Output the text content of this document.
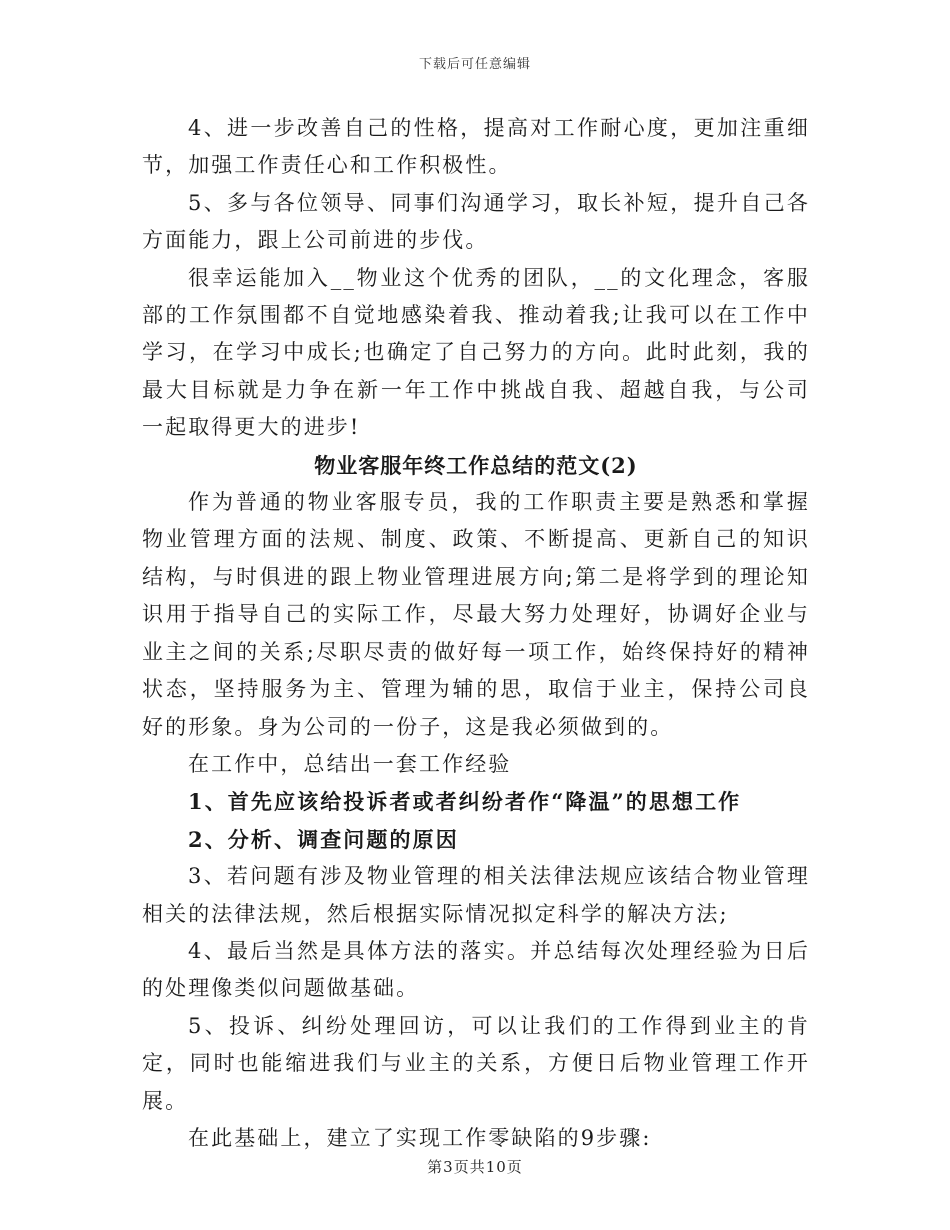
下载后可任意编辑

4、进一步改善自己的性格，提高对工作耐心度，更加注重细节，加强工作责任心和工作积极性。

5、多与各位领导、同事们沟通学习，取长补短，提升自己各方面能力，跟上公司前进的步伐。

很幸运能加入__物业这个优秀的团队，__的文化理念，客服部的工作氛围都不自觉地感染着我、推动着我;让我可以在工作中学习，在学习中成长;也确定了自己努力的方向。此时此刻，我的最大目标就是力争在新一年工作中挑战自我、超越自我，与公司一起取得更大的进步!

物业客服年终工作总结的范文(2)

作为普通的物业客服专员，我的工作职责主要是熟悉和掌握物业管理方面的法规、制度、政策、不断提高、更新自己的知识结构，与时俱进的跟上物业管理进展方向;第二是将学到的理论知识用于指导自己的实际工作，尽最大努力处理好，协调好企业与业主之间的关系;尽职尽责的做好每一项工作，始终保持好的精神状态，坚持服务为主、管理为辅的思，取信于业主，保持公司良好的形象。身为公司的一份子，这是我必须做到的。

在工作中，总结出一套工作经验

1、首先应该给投诉者或者纠纷者作“降温”的思想工作

2、分析、调查问题的原因

3、若问题有涉及物业管理的相关法律法规应该结合物业管理相关的法律法规，然后根据实际情况拟定科学的解决方法;

4、最后当然是具体方法的落实。并总结每次处理经验为日后的处理像类似问题做基础。

5、投诉、纠纷处理回访，可以让我们的工作得到业主的肯定，同时也能缩进我们与业主的关系，方便日后物业管理工作开展。

在此基础上，建立了实现工作零缺陷的9步骤:

第3页共10页
